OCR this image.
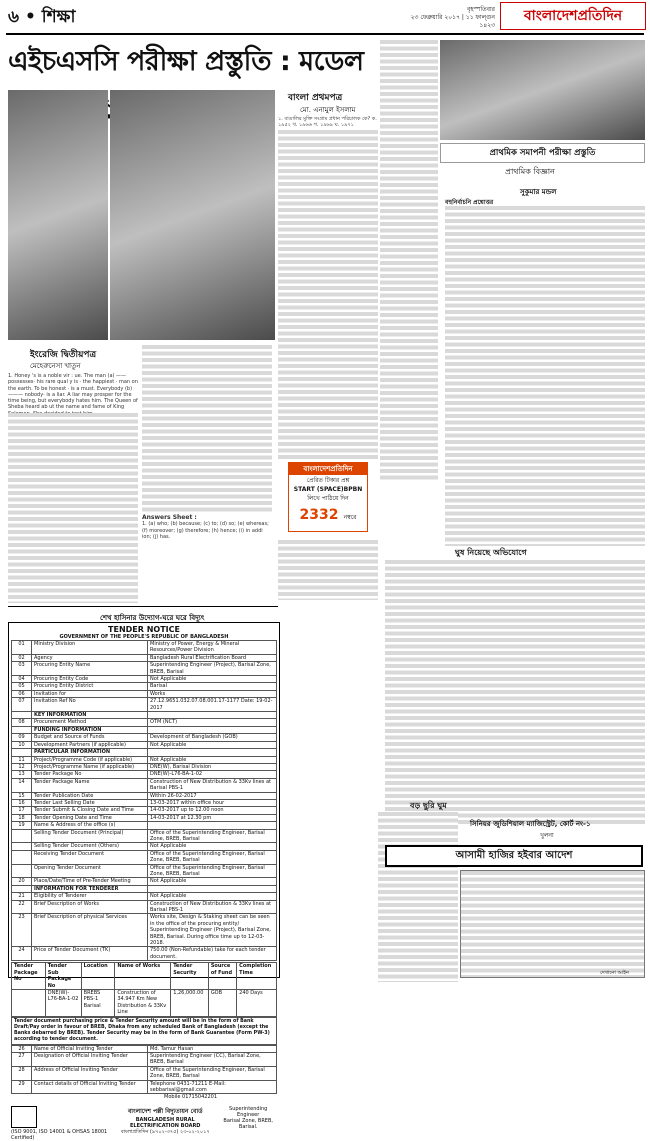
৬ • শিক্ষা	বৃহস্পতিবার
২৩ ফেব্রুয়ারি ২০১৭ | ১১ ফাল্গুন ১৪২৩
বাংলাদেশপ্রতিদিন
এইচএসসি পরীক্ষা প্রস্তুতি : মডেল
ইংরেজি দ্বিতীয়পত্র
মেহেরুনেসা খাতুন

1. Honey 's is a noble vir : ue. The man (a) —— possesses· his rare qual y is · the happiest · man on the earth. To be honest · is a must. Everybody (b) ——— nobody· is a liar. A liar may prosper for the time being, but everybody hates him. The Queen of Sheba heard ab ut the name and fame of King

Answers Sheet :

1. (a) who; (b) because; (c) to; (d) so; (e) whereas; (f) moreover; (g) therefore; (h) hence; (i) in addi ion; (j) has.

বাংলা প্রথমপত্র
মো. এনামুল ইসলাম

১. বাঙালির মুক্তি সংগ্রাম প্রধান পরিচালক কে? ক. ১৯৫২ খ. ১৯৬৬ গ. ১৯৬৯ ঘ. ১৯৭১

বাংলাদেশপ্রতিদিন
প্রেরিত টিকার প্রশ্ন
START (SPACE)BPBN
লিখে পাঠিয়ে দিন
2332 নম্বরে
প্রাথমিক সমাপনী পরীক্ষা প্রস্তুতি
প্রাথমিক বিজ্ঞান
সুকুমার মন্ডল
বহুনির্বাচনি প্রশ্নোত্তর
ঘুষ নিয়েছে অভিযোগে
বড় ছুরি ঘুম
সিনিয়র জুডিশিয়াল ম্যাজিস্ট্রেট, কোর্ট নং-১
খুলনা
আসামী হাজির হইবার আদেশ
দেখানো আইন
শেখ হাসিনার উদ্যোগ-ঘরে ঘরে বিদ্যুৎ
TENDER NOTICE
GOVERNMENT OF THE PEOPLE'S REPUBLIC OF BANGLADESH
01	Ministry Division	Ministry of Power, Energy & Mineral Resources/Power Division
02	Agency	Bangladesh Rural Electrification Board
03	Procuring Entity Name	Superintending Engineer (Project), Barisal Zone, BREB, Barisal
04	Procuring Entity Code	Not Applicable
05	Procuring Entity District	Barisal
06	Invitation for	Works
07	Invitation Ref No	27.12.9651.032.07.08.001.17-1177 Date: 19-02-2017
	KEY INFORMATION	
08	Procurement Method	OTM (NCT)
	FUNDING INFORMATION	
09	Budget and Source of Funds	Development of Bangladesh (GOB)
10	Development Partners (if applicable)	Not Applicable
	PARTICULAR INFORMATION	
11	Project/Programme Code (if applicable)	Not Applicable
12	Project/Programme Name (if applicable)	DNE(W), Barisal Division
13	Tender Package No	DNE(W)-L76-BA-1-02
14	Tender Package Name	Construction of New Distribution & 33Kv lines at Barisal PBS-1
15	Tender Publication Date	Within 26-02-2017
16	Tender Last Selling Date	13-03-2017 within office hour
17	Tender Submit & Closing Date and Time	14-03-2017 up to 12.00 noon
18	Tender Opening Date and Time	14-03-2017 at 12.30 pm
19	Name & Address of the office (s)	
	Selling Tender Document (Principal)	Office of the Superintending Engineer, Barisal Zone, BREB, Barisal
	Selling Tender Document (Others)	Not Applicable
	Receiving Tender Document	Office of the Superintending Engineer, Barisal Zone, BREB, Barisal
	Opening Tender Document	Office of the Superintending Engineer, Barisal Zone, BREB, Barisal
20	Place/Date/Time of Pre-Tender Meeting	Not Applicable
	INFORMATION FOR TENDERER	
21	Eligibility of Tenderer	Not Applicable
22	Brief Description of Works	Construction of New Distribution & 33Kv lines at Barisal PBS-1
23	Brief Description of physical Services	Works site, Design & Staking sheet can be seen in the office of the procuring entity/ Superintending Engineer (Project), Barisal Zone, BREB, Barisal. During office time up to 12-03-2018.
24	Price of Tender Document (TK)	750.00 (Non-Refundable) take for each tender document.
Tender Package No	Tender Sub Package No	Location	Name of Works	Tender Security	Source of Fund	Completion Time
	DNE(W)-L76-BA-1-02	BREBS PBS-1 Barisal	Construction of 34.947 Km New Distribution & 33Kv Line	1,26,000.00	GOB	240 Days
Tender document purchasing price & Tender Security amount will be in the form of Bank Draft/Pay order in favour of BREB, Dhaka from any scheduled Bank of Bangladesh (except the Banks debarred by BREB). Tender Security may be in the form of Bank Guarantee (Form PW-3) according to tender document.
26	Name of Official Inviting Tender	Md. Tamur Hasan
27	Designation of Official Inviting Tender	Superintending Engineer (CC), Barisal Zone, BREB, Barisal
28	Address of Official Inviting Tender	Office of the Superintending Engineer, Barisal Zone, BREB, Barisal
29	Contact details of Official Inviting Tender	Telephone 0431-71211 E-Mail: sebbarisal@gmail.com
Mobile 01715042201
(ISO 9001, ISO 14001 & OHSAS 18001 Certified)
বাংলাদেশ পল্লী বিদ্যুতায়ন বোর্ড
BANGLADESH RURAL ELECTRIFICATION BOARD
বাংলাপ্রতিদিন (৯৭০২-৩৭৫) ২৩-০২-২০১৭
Superintending Engineer
Barisal Zone, BREB, Barisal.
